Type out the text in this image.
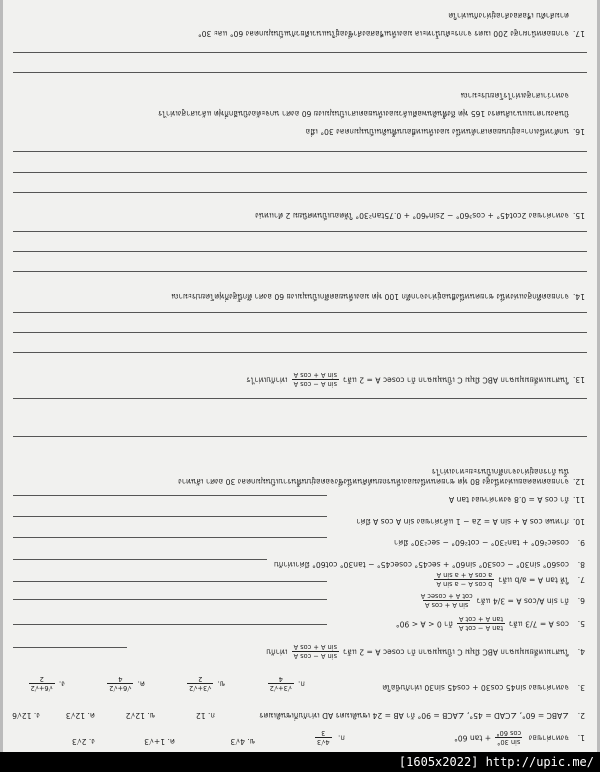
1.จงหาค่าของ
sin 30°
cos 60°
+ tan 60°
ก.
4√3
3
ข. 4√3
ค. 1+√3
ง. 2√3
2.∠ABC = 60°, ∠CAD = 45°, ∠ACB = 90° ถ้า AB = 24 เซนติเมตร AD เท่ากับกี่เซนติเมตร
ก. 12
ข. 12√2
ค. 12√3
ง. 12√6
3.จงหาค่าของ sin45 cos30 + cos45 sin30 เท่ากับข้อใด
ก.
√3+√2
4
ข.
√3+√2
2
ค.
√6+√2
4
ง.
√6+√2
2
4.ในสามเหลี่ยมมุมฉาก ABC มีมุม C เป็นมุมฉาก ถ้า cosec A = 2 แล้ว
sin A − cos A
sin A + cos A
เท่ากับ
5.cos A = 7/3 แล้ว
tan A − cot A
tan A + cot A
ถ้า 0 < A < 90°
6.ถ้า sin A/cos A = 3/4 แล้ว
sin A + cos A
cot A + cosec A
7.ให้ tan A = a/b แล้ว
b cos A − a sin A
a cos A + a sin A
8.cos60° sin30° − cos30° sin60° + sec45° cosec45° − tan30° cot60° มีค่าเท่ากับ
9.cosec²60° + tan²30° − cot²60° − sec²30° มีค่า
10.กำหนด cos A + sin A = 2a − 1 แล้วค่าของ sin A cos A มีค่า
11.ถ้า cos A = 0.8 จงหาค่าของ tan A
12.จากยอดหอคอยแห่งหนึ่งสูง 80 ฟุต ชายคนหนึ่งมองเห็นรถยนต์คันหนึ่งซึ่งจอดอยู่บนพื้นราบเป็นมุมกดลง 30 องศา เส้นทาง
นั้น ถ้ารถอยู่ห่างจากตึกเป็นระยะทางเท่าไร
13.ในสามเหลี่ยมมุมฉาก ABC มีมุม C เป็นมุมฉาก ถ้า cosec A = 2 แล้ว
sin A − cos A
sin A + cos A
เท่ากับเท่าไร
14.จากยอดตึกสูงแห่งหนึ่ง ชายคนหนึ่งยืนอยู่ห่างจากตึก 100 ฟุต มองเห็นยอดตึกเป็นมุมเงย 60 องศา ตึกนี้สูงกี่ฟุตโดยประมาณ
15.จงหาค่าของ 2cot45° + cos³60° − 2sin⁴60° + 0.75tan²30° ให้ตอบเป็นทศนิยม 2 ตำแหน่ง
16.นกตัวหนึ่งเกาะอยู่บนยอดเสาต้นหนึ่ง มองเห็นเหยื่อบนพื้นดินเป็นมุมกดลง 30° เมื่อ
บินลงมาตามแนวเส้นตรง 165 ฟุต ถึงพื้นดินพอดีแล้วมองเห็นยอดเสาเป็นมุมเงย 60 องศา นกจะต้องบินอีกกี่ฟุต แล้วเสาสูงเท่าไร
จงหาว่าเสาสูงเท่าไรโดยประมาณ
17.จากยอดหน้าผาสูง 200 เมตร จากระดับน้ำทะเล มองเห็นเรือสองลำซึ่งอยู่ในแนวเดียวกันเป็นมุมกดลง 60° และ 30°
ตามลำดับ เรือสองลำอยู่ห่างกันเท่าใด
[1605x2022] http://upic.me/
